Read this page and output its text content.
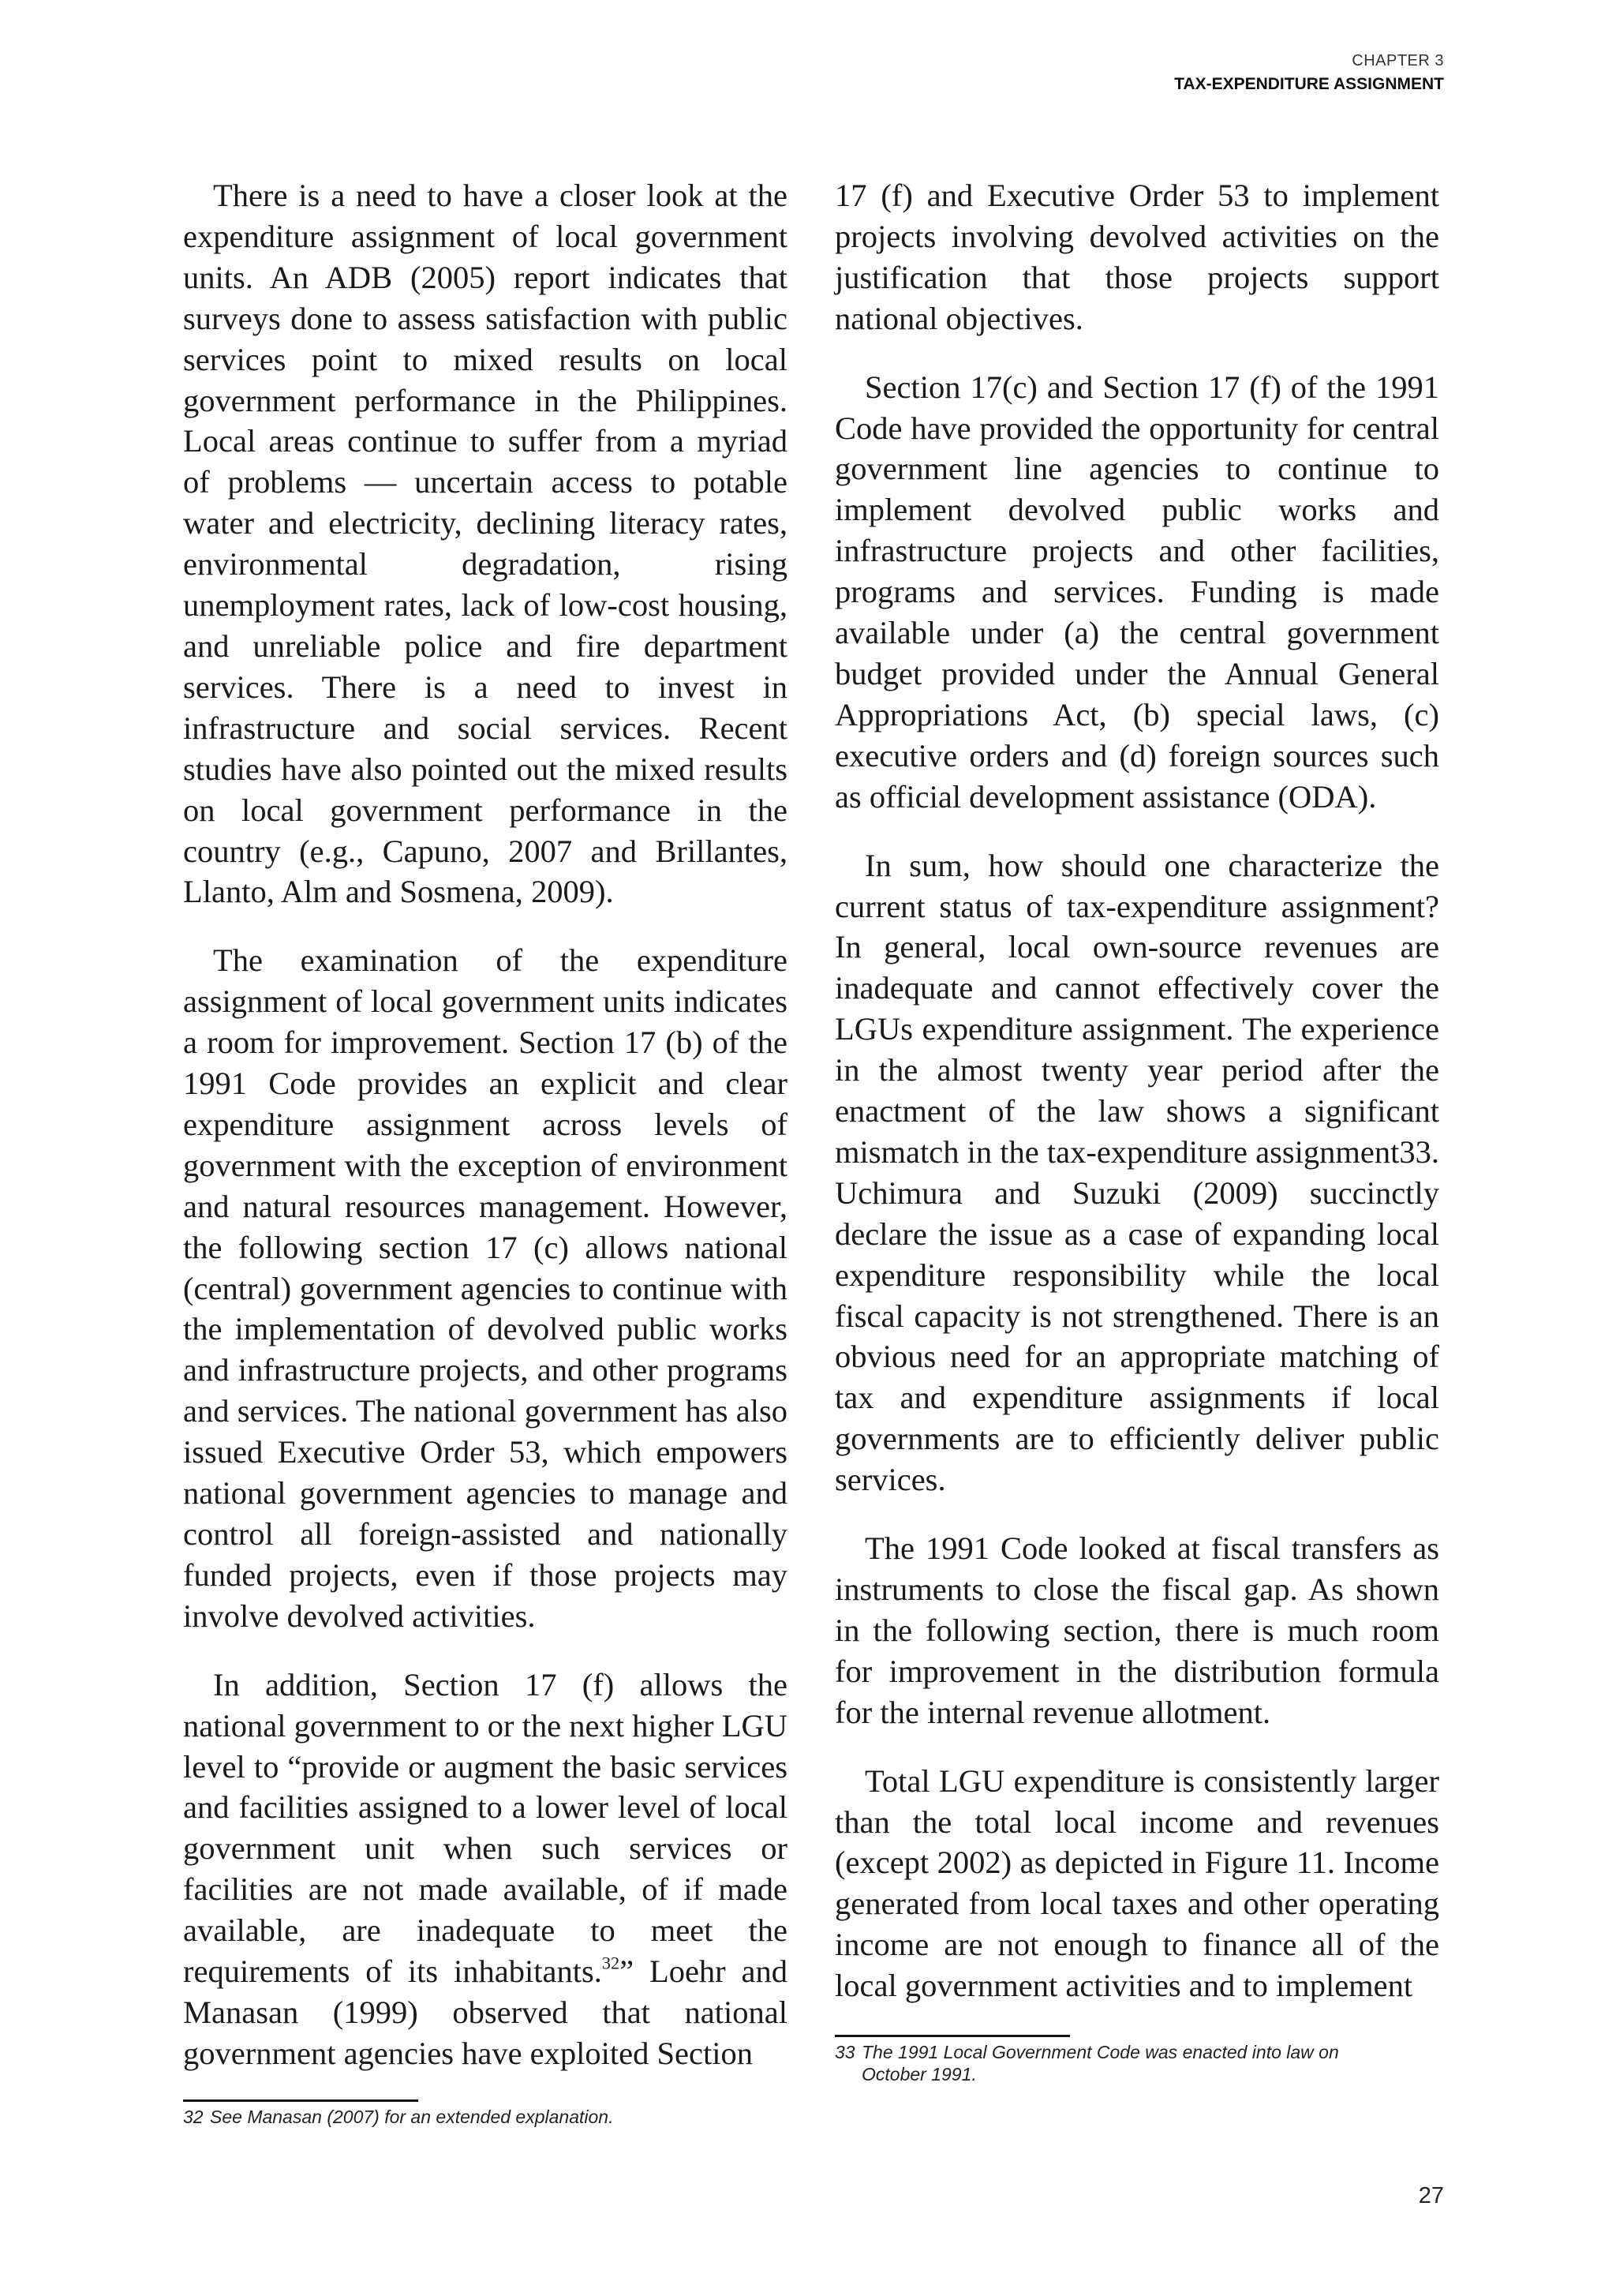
CHAPTER 3
TAX-EXPENDITURE ASSIGNMENT

There is a need to have a closer look at the expenditure assignment of local government units. An ADB (2005) report indicates that surveys done to assess satisfaction with public services point to mixed results on local government performance in the Philippines. Local areas continue to suffer from a myriad of problems — uncertain access to potable water and electricity, declining literacy rates, environmental degradation, rising unemployment rates, lack of low-cost housing, and unreliable police and fire department services. There is a need to invest in infrastructure and social services. Recent studies have also pointed out the mixed results on local government performance in the country (e.g., Capuno, 2007 and Brillantes, Llanto, Alm and Sosmena, 2009).

The examination of the expenditure assignment of local government units indicates a room for improvement. Section 17 (b) of the 1991 Code provides an explicit and clear expenditure assignment across levels of government with the exception of environment and natural resources management. However, the following section 17 (c) allows national (central) government agencies to continue with the implementation of devolved public works and infrastructure projects, and other programs and services. The national government has also issued Executive Order 53, which empowers national government agencies to manage and control all foreign-assisted and nationally funded projects, even if those projects may involve devolved activities.

In addition, Section 17 (f) allows the national government to or the next higher LGU level to “provide or augment the basic services and facilities assigned to a lower level of local government unit when such services or facilities are not made available, of if made available, are inadequate to meet the requirements of its inhabitants.$^{32}$” Loehr and Manasan (1999) observed that national government agencies have exploited Section

17 (f) and Executive Order 53 to implement projects involving devolved activities on the justification that those projects support national objectives.

Section 17(c) and Section 17 (f) of the 1991 Code have provided the opportunity for central government line agencies to continue to implement devolved public works and infrastructure projects and other facilities, programs and services. Funding is made available under (a) the central government budget provided under the Annual General Appropriations Act, (b) special laws, (c) executive orders and (d) foreign sources such as official development assistance (ODA).

In sum, how should one characterize the current status of tax-expenditure assignment? In general, local own-source revenues are inadequate and cannot effectively cover the LGUs expenditure assignment. The experience in the almost twenty year period after the enactment of the law shows a significant mismatch in the tax-expenditure assignment33. Uchimura and Suzuki (2009) succinctly declare the issue as a case of expanding local expenditure responsibility while the local fiscal capacity is not strengthened. There is an obvious need for an appropriate matching of tax and expenditure assignments if local governments are to efficiently deliver public services.

The 1991 Code looked at fiscal transfers as instruments to close the fiscal gap. As shown in the following section, there is much room for improvement in the distribution formula for the internal revenue allotment.

Total LGU expenditure is consistently larger than the total local income and revenues (except 2002) as depicted in Figure 11. Income generated from local taxes and other operating income are not enough to finance all of the local government activities and to implement

33 The 1991 Local Government Code was enacted into law on
October 1991.
32 See Manasan (2007) for an extended explanation.
27
